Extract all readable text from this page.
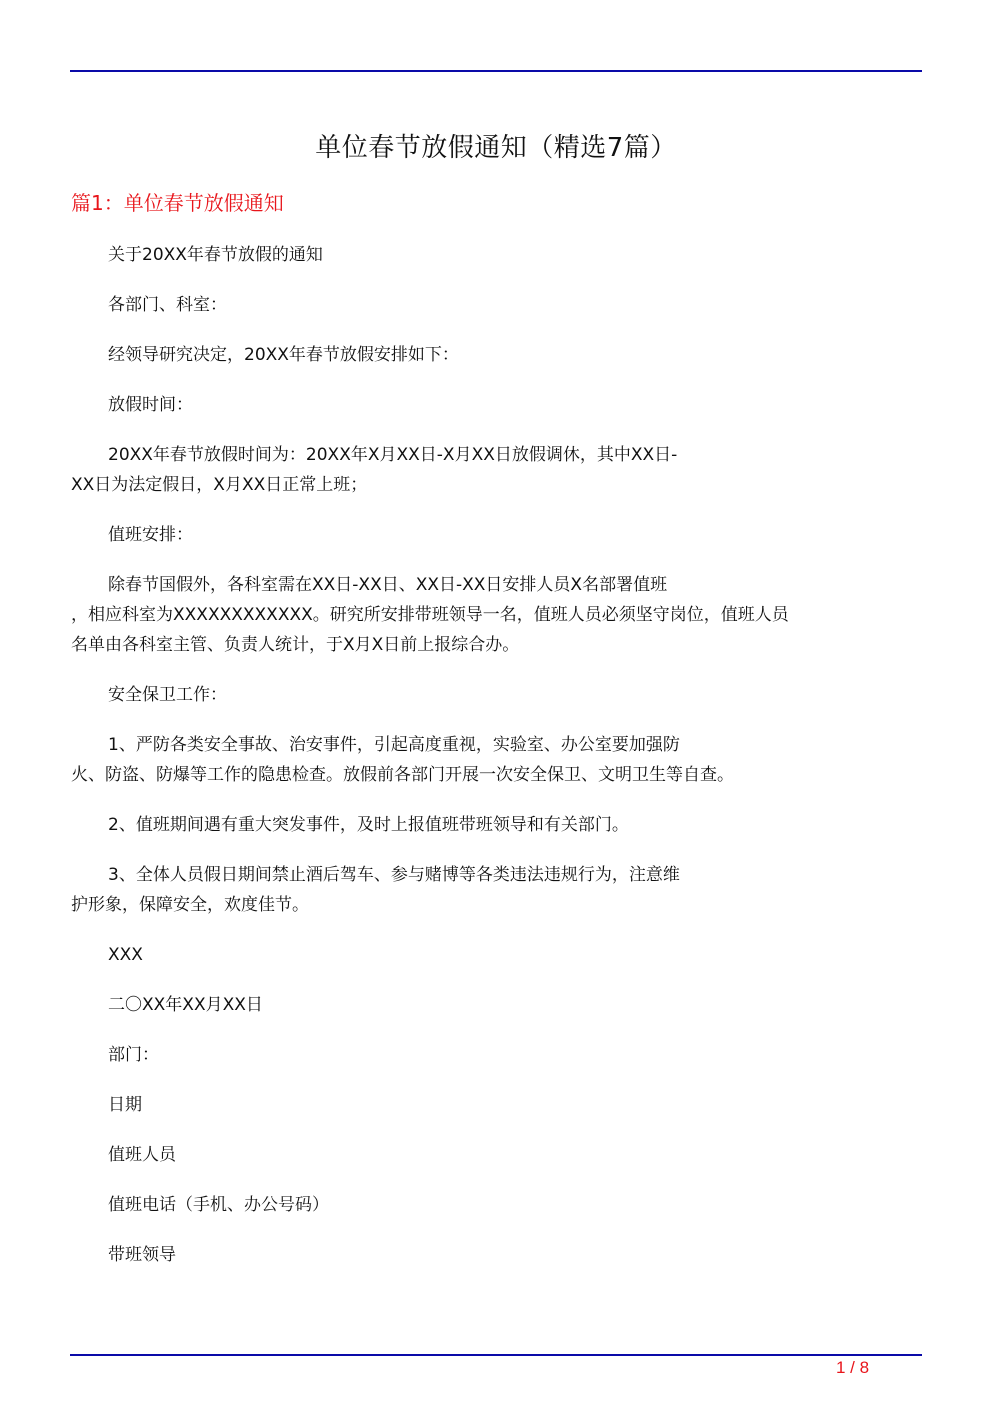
单位春节放假通知（精选7篇）
篇1：单位春节放假通知
关于20XX年春节放假的通知
各部门、科室：
经领导研究决定，20XX年春节放假安排如下：
放假时间：
20XX年春节放假时间为：20XX年X月XX日-X月XX日放假调休，其中XX日-
XX日为法定假日，X月XX日正常上班；
值班安排：
除春节国假外，各科室需在XX日-XX日、XX日-XX日安排人员X名部署值班
，相应科室为XXXXXXXXXXXX。研究所安排带班领导一名，值班人员必须坚守岗位，值班人员
名单由各科室主管、负责人统计，于X月X日前上报综合办。
安全保卫工作：
1、严防各类安全事故、治安事件，引起高度重视，实验室、办公室要加强防
火、防盗、防爆等工作的隐患检查。放假前各部门开展一次安全保卫、文明卫生等自查。
2、值班期间遇有重大突发事件，及时上报值班带班领导和有关部门。
3、全体人员假日期间禁止酒后驾车、参与赌博等各类违法违规行为，注意维
护形象，保障安全，欢度佳节。
XXX
二〇XX年XX月XX日
部门：
日期
值班人员
值班电话（手机、办公号码）
带班领导
1 / 8
